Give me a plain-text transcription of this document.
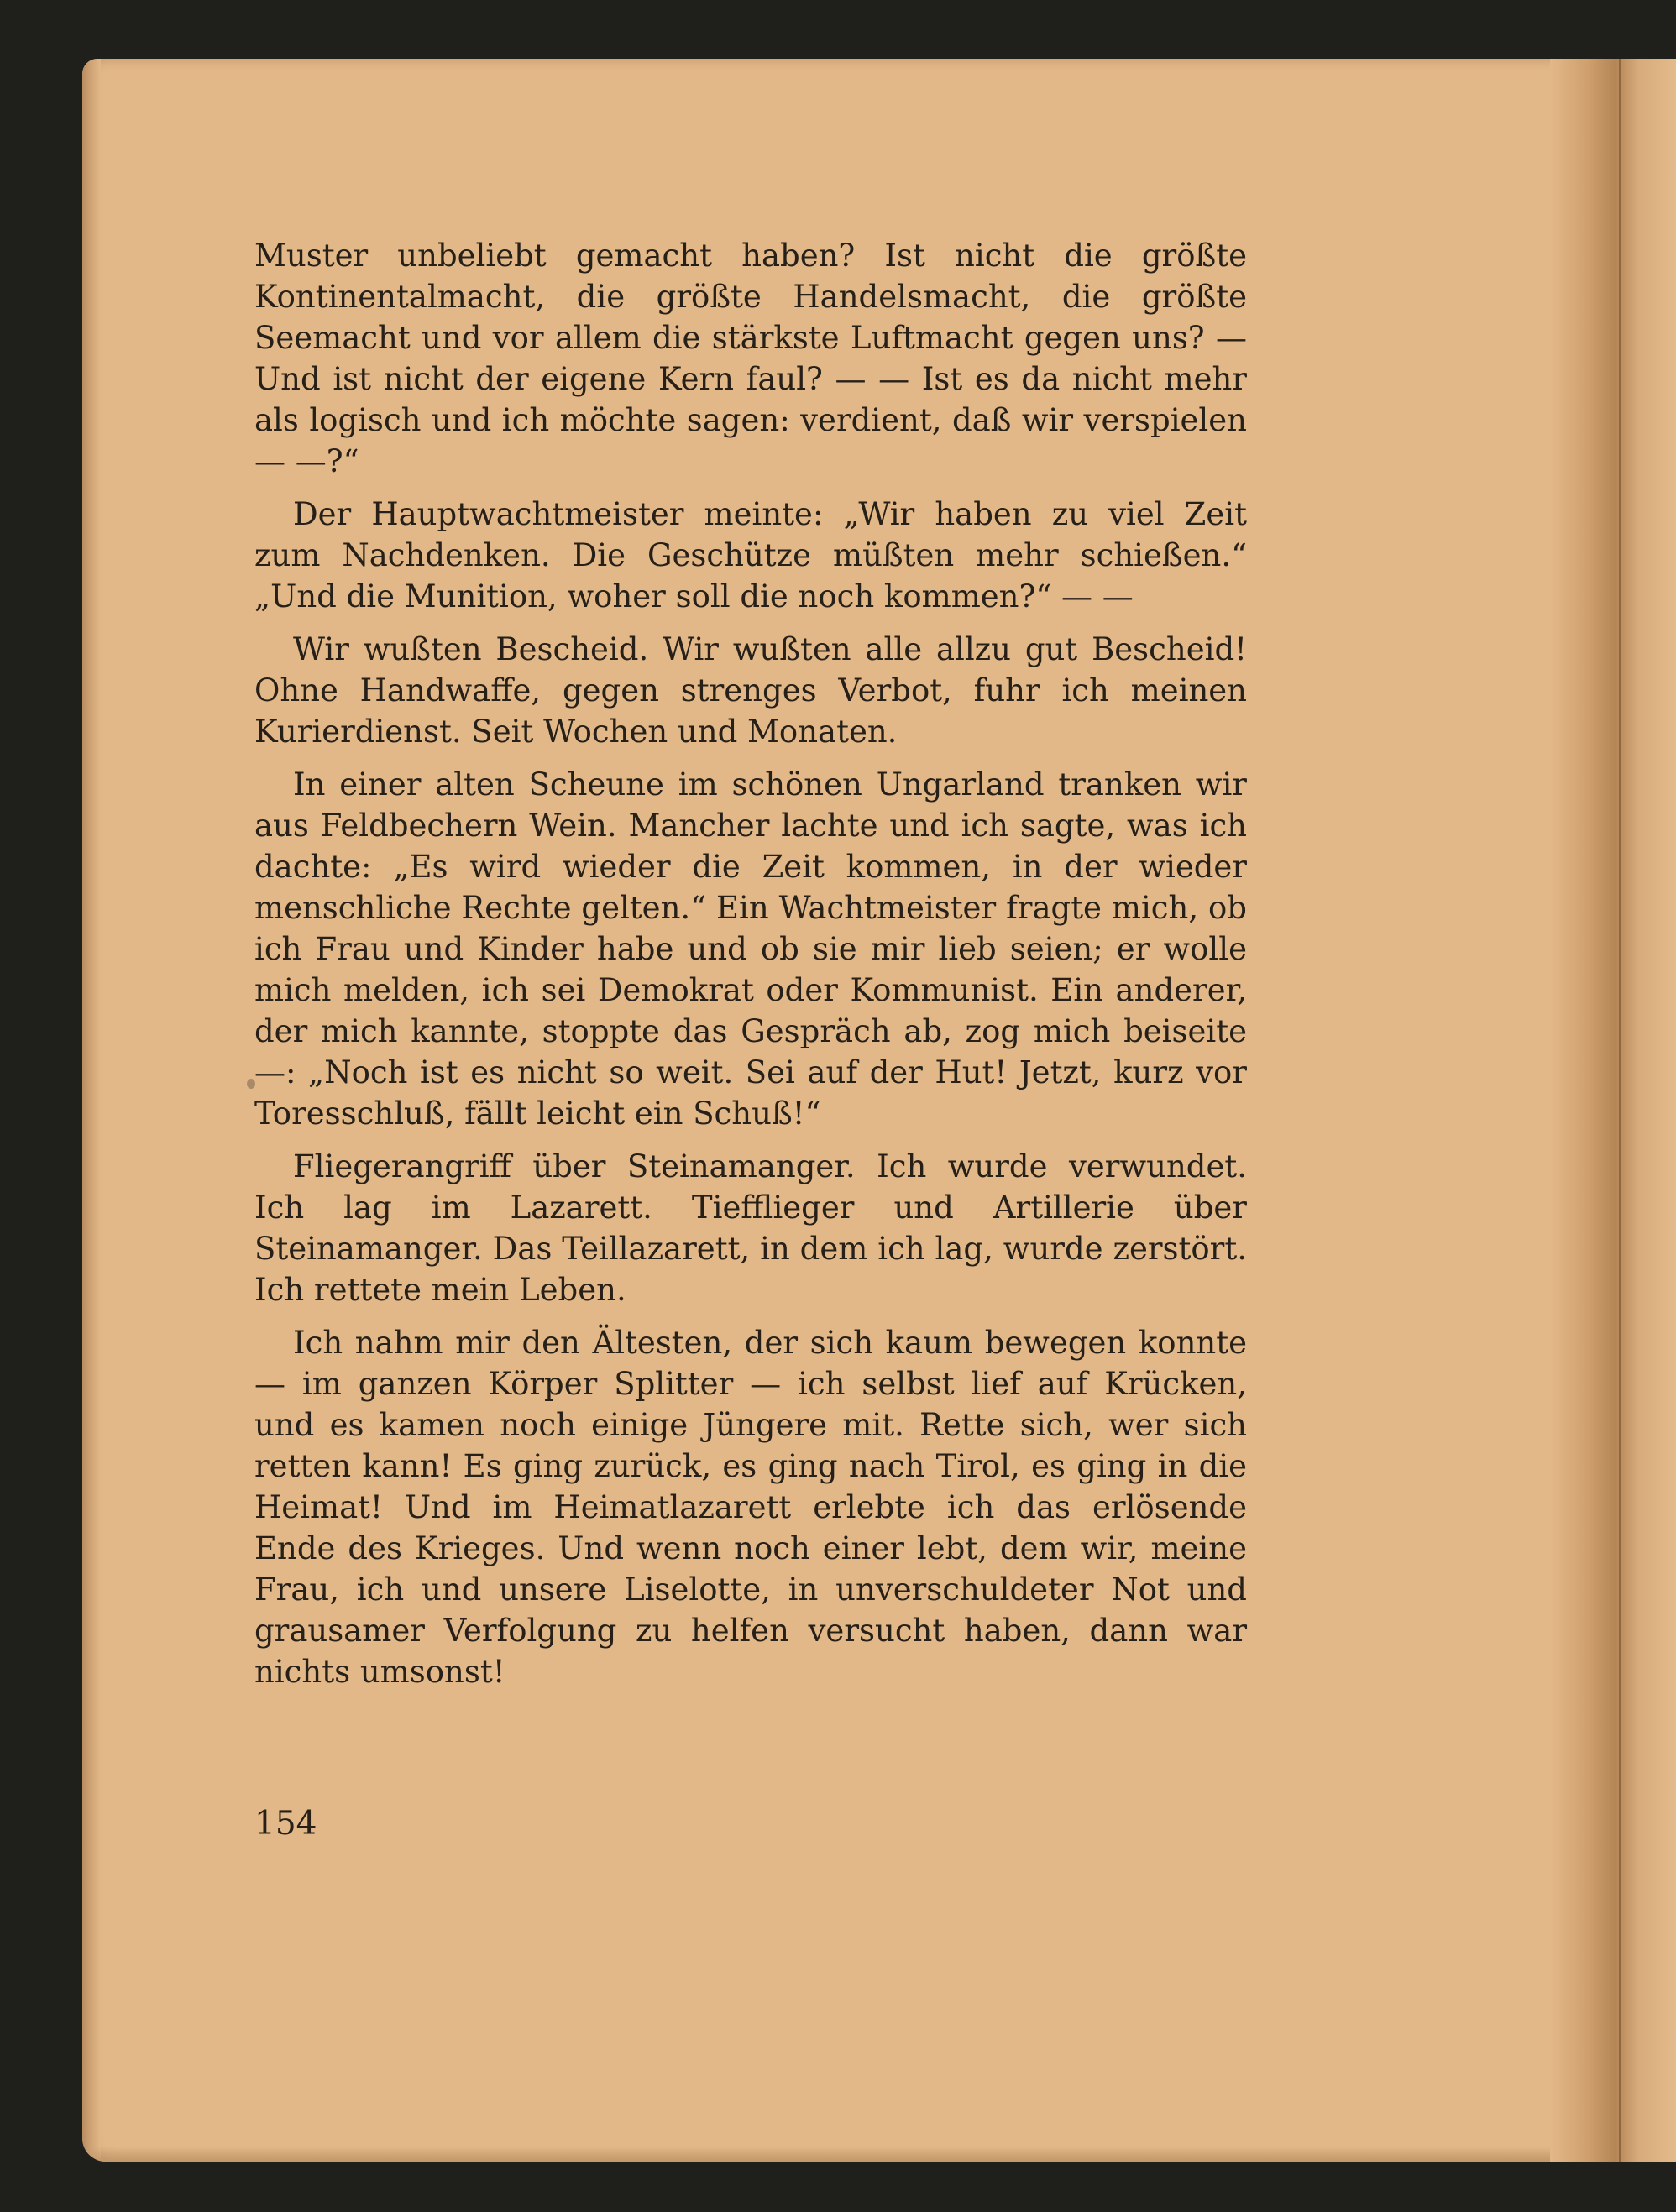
Muster unbeliebt gemacht haben? Ist nicht die größte Kontinentalmacht, die größte Handelsmacht, die größte Seemacht und vor allem die stärkste Luftmacht gegen uns? — Und ist nicht der eigene Kern faul? — — Ist es da nicht mehr als logisch und ich möchte sagen: verdient, daß wir verspielen — —?“

Der Hauptwachtmeister meinte: „Wir haben zu viel Zeit zum Nachdenken. Die Geschütze müßten mehr schießen.“ „Und die Munition, woher soll die noch kommen?“ — —

Wir wußten Bescheid. Wir wußten alle allzu gut Bescheid! Ohne Handwaffe, gegen strenges Verbot, fuhr ich meinen Kurierdienst. Seit Wochen und Monaten.

In einer alten Scheune im schönen Ungarland tranken wir aus Feldbechern Wein. Mancher lachte und ich sagte, was ich dachte: „Es wird wieder die Zeit kommen, in der wieder menschliche Rechte gelten.“ Ein Wachtmeister fragte mich, ob ich Frau und Kinder habe und ob sie mir lieb seien; er wolle mich melden, ich sei Demokrat oder Kommunist. Ein anderer, der mich kannte, stoppte das Gespräch ab, zog mich beiseite —: „Noch ist es nicht so weit. Sei auf der Hut! Jetzt, kurz vor Toresschluß, fällt leicht ein Schuß!“

Fliegerangriff über Steinamanger. Ich wurde verwundet. Ich lag im Lazarett. Tiefflieger und Artillerie über Steinamanger. Das Teillazarett, in dem ich lag, wurde zerstört. Ich rettete mein Leben.

Ich nahm mir den Ältesten, der sich kaum bewegen konnte — im ganzen Körper Splitter — ich selbst lief auf Krücken, und es kamen noch einige Jüngere mit. Rette sich, wer sich retten kann! Es ging zurück, es ging nach Tirol, es ging in die Heimat! Und im Heimatlazarett erlebte ich das erlösende Ende des Krieges. Und wenn noch einer lebt, dem wir, meine Frau, ich und unsere Liselotte, in unverschuldeter Not und grausamer Verfolgung zu helfen versucht haben, dann war nichts umsonst!

154
